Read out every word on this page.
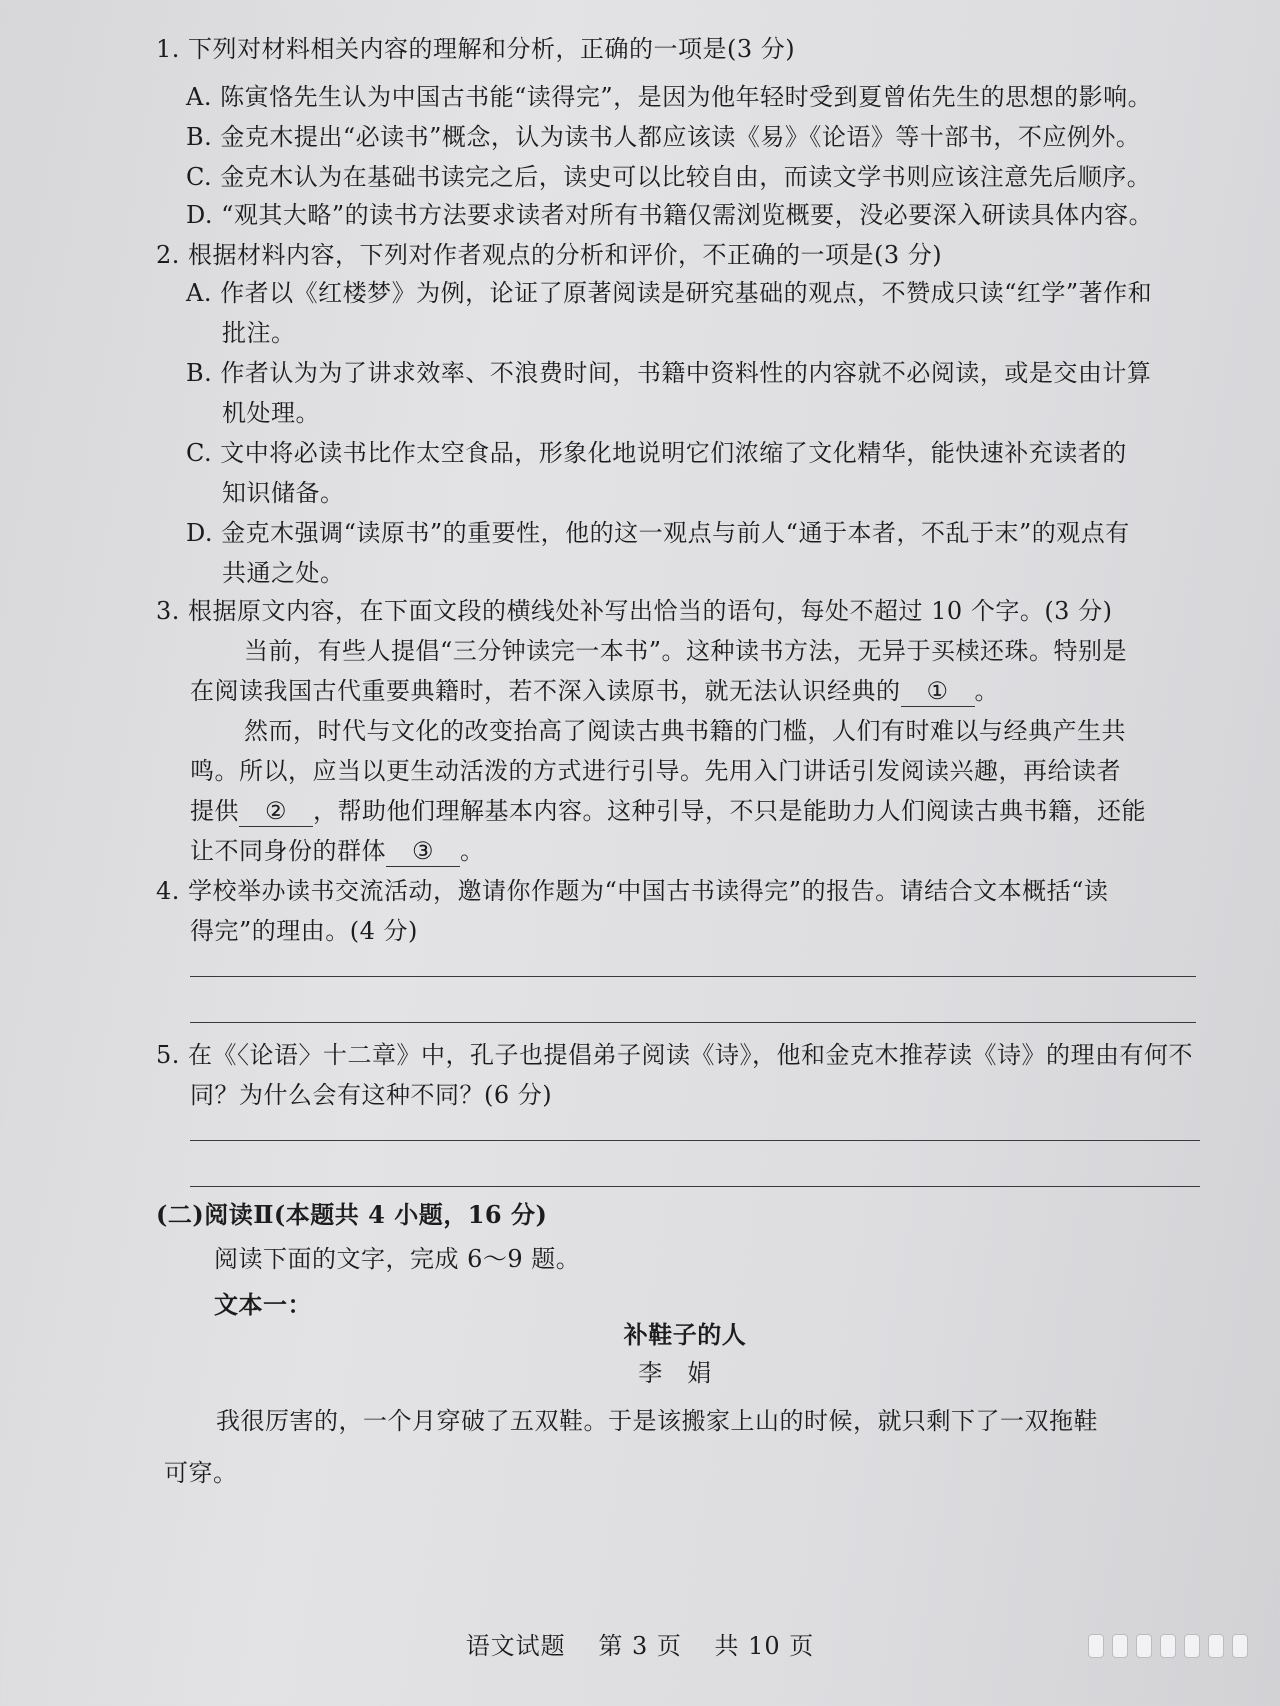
1. 下列对材料相关内容的理解和分析，正确的一项是(3 分)
A. 陈寅恪先生认为中国古书能“读得完”，是因为他年轻时受到夏曾佑先生的思想的影响。
B. 金克木提出“必读书”概念，认为读书人都应该读《易》《论语》等十部书，不应例外。
C. 金克木认为在基础书读完之后，读史可以比较自由，而读文学书则应该注意先后顺序。
D. “观其大略”的读书方法要求读者对所有书籍仅需浏览概要，没必要深入研读具体内容。
2. 根据材料内容，下列对作者观点的分析和评价，不正确的一项是(3 分)
A. 作者以《红楼梦》为例，论证了原著阅读是研究基础的观点，不赞成只读“红学”著作和
批注。
B. 作者认为为了讲求效率、不浪费时间，书籍中资料性的内容就不必阅读，或是交由计算
机处理。
C. 文中将必读书比作太空食品，形象化地说明它们浓缩了文化精华，能快速补充读者的
知识储备。
D. 金克木强调“读原书”的重要性，他的这一观点与前人“通于本者，不乱于末”的观点有
共通之处。
3. 根据原文内容，在下面文段的横线处补写出恰当的语句，每处不超过 10 个字。(3 分)
当前，有些人提倡“三分钟读完一本书”。这种读书方法，无异于买椟还珠。特别是
在阅读我国古代重要典籍时，若不深入读原书，就无法认识经典的 ① 。
然而，时代与文化的改变抬高了阅读古典书籍的门槛，人们有时难以与经典产生共
鸣。所以，应当以更生动活泼的方式进行引导。先用入门讲话引发阅读兴趣，再给读者
提供 ② ，帮助他们理解基本内容。这种引导，不只是能助力人们阅读古典书籍，还能
让不同身份的群体 ③ 。
4. 学校举办读书交流活动，邀请你作题为“中国古书读得完”的报告。请结合文本概括“读
得完”的理由。(4 分)
5. 在《〈论语〉十二章》中，孔子也提倡弟子阅读《诗》，他和金克木推荐读《诗》的理由有何不
同？为什么会有这种不同？(6 分)
(二)阅读Ⅱ(本题共 4 小题，16 分)
阅读下面的文字，完成 6～9 题。
文本一：
补鞋子的人
李　娟
我很厉害的，一个月穿破了五双鞋。于是该搬家上山的时候，就只剩下了一双拖鞋
可穿。
语文试题 第 3 页 共 10 页
